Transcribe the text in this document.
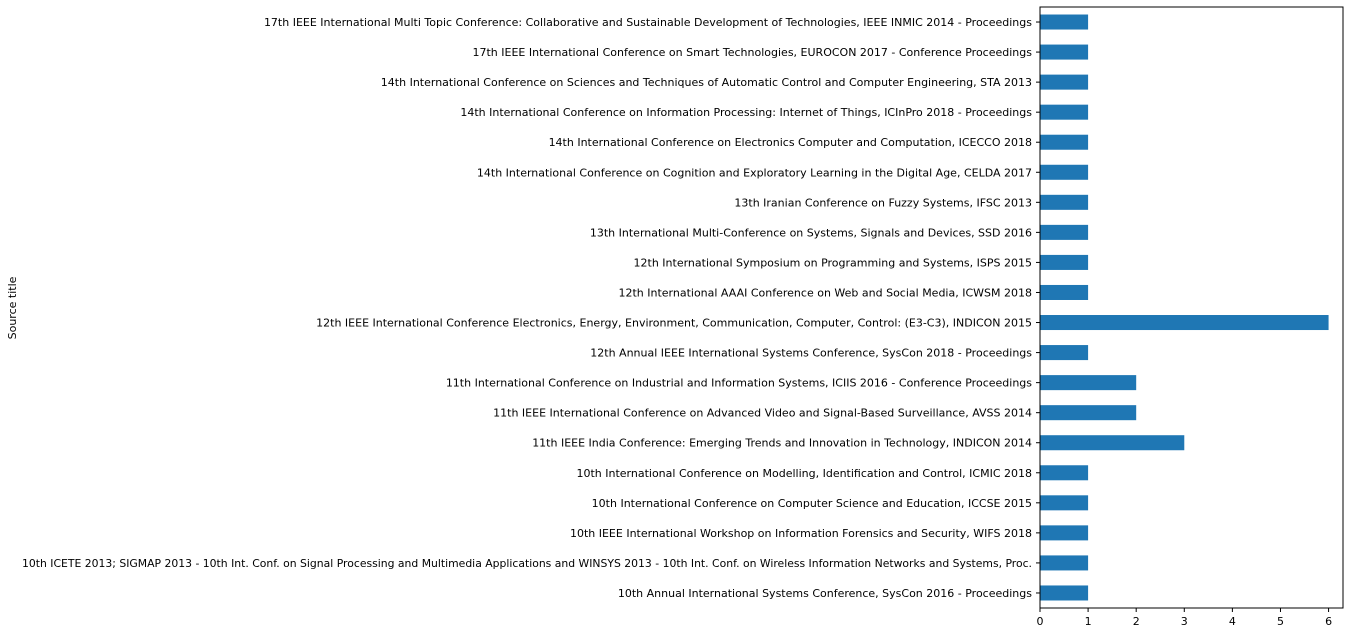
17th IEEE International Multi Topic Conference: Collaborative and Sustainable Development of Technologies, IEEE INMIC 2014 - Proceedings
17th IEEE International Conference on Smart Technologies, EUROCON 2017 - Conference Proceedings
14th International Conference on Sciences and Techniques of Automatic Control and Computer Engineering, STA 2013
14th International Conference on Information Processing: Internet of Things, ICInPro 2018 - Proceedings
14th International Conference on Electronics Computer and Computation, ICECCO 2018
14th International Conference on Cognition and Exploratory Learning in the Digital Age, CELDA 2017
13th Iranian Conference on Fuzzy Systems, IFSC 2013
13th International Multi-Conference on Systems, Signals and Devices, SSD 2016
12th International Symposium on Programming and Systems, ISPS 2015
12th International AAAI Conference on Web and Social Media, ICWSM 2018
12th IEEE International Conference Electronics, Energy, Environment, Communication, Computer, Control: (E3-C3), INDICON 2015
12th Annual IEEE International Systems Conference, SysCon 2018 - Proceedings
11th International Conference on Industrial and Information Systems, ICIIS 2016 - Conference Proceedings
11th IEEE International Conference on Advanced Video and Signal-Based Surveillance, AVSS 2014
11th IEEE India Conference: Emerging Trends and Innovation in Technology, INDICON 2014
10th International Conference on Modelling, Identification and Control, ICMIC 2018
10th International Conference on Computer Science and Education, ICCSE 2015
10th IEEE International Workshop on Information Forensics and Security, WIFS 2018
10th ICETE 2013; SIGMAP 2013 - 10th Int. Conf. on Signal Processing and Multimedia Applications and WINSYS 2013 - 10th Int. Conf. on Wireless Information Networks and Systems, Proc.
10th Annual International Systems Conference, SysCon 2016 - Proceedings
0	1	2	3	4	5	6
Source title
